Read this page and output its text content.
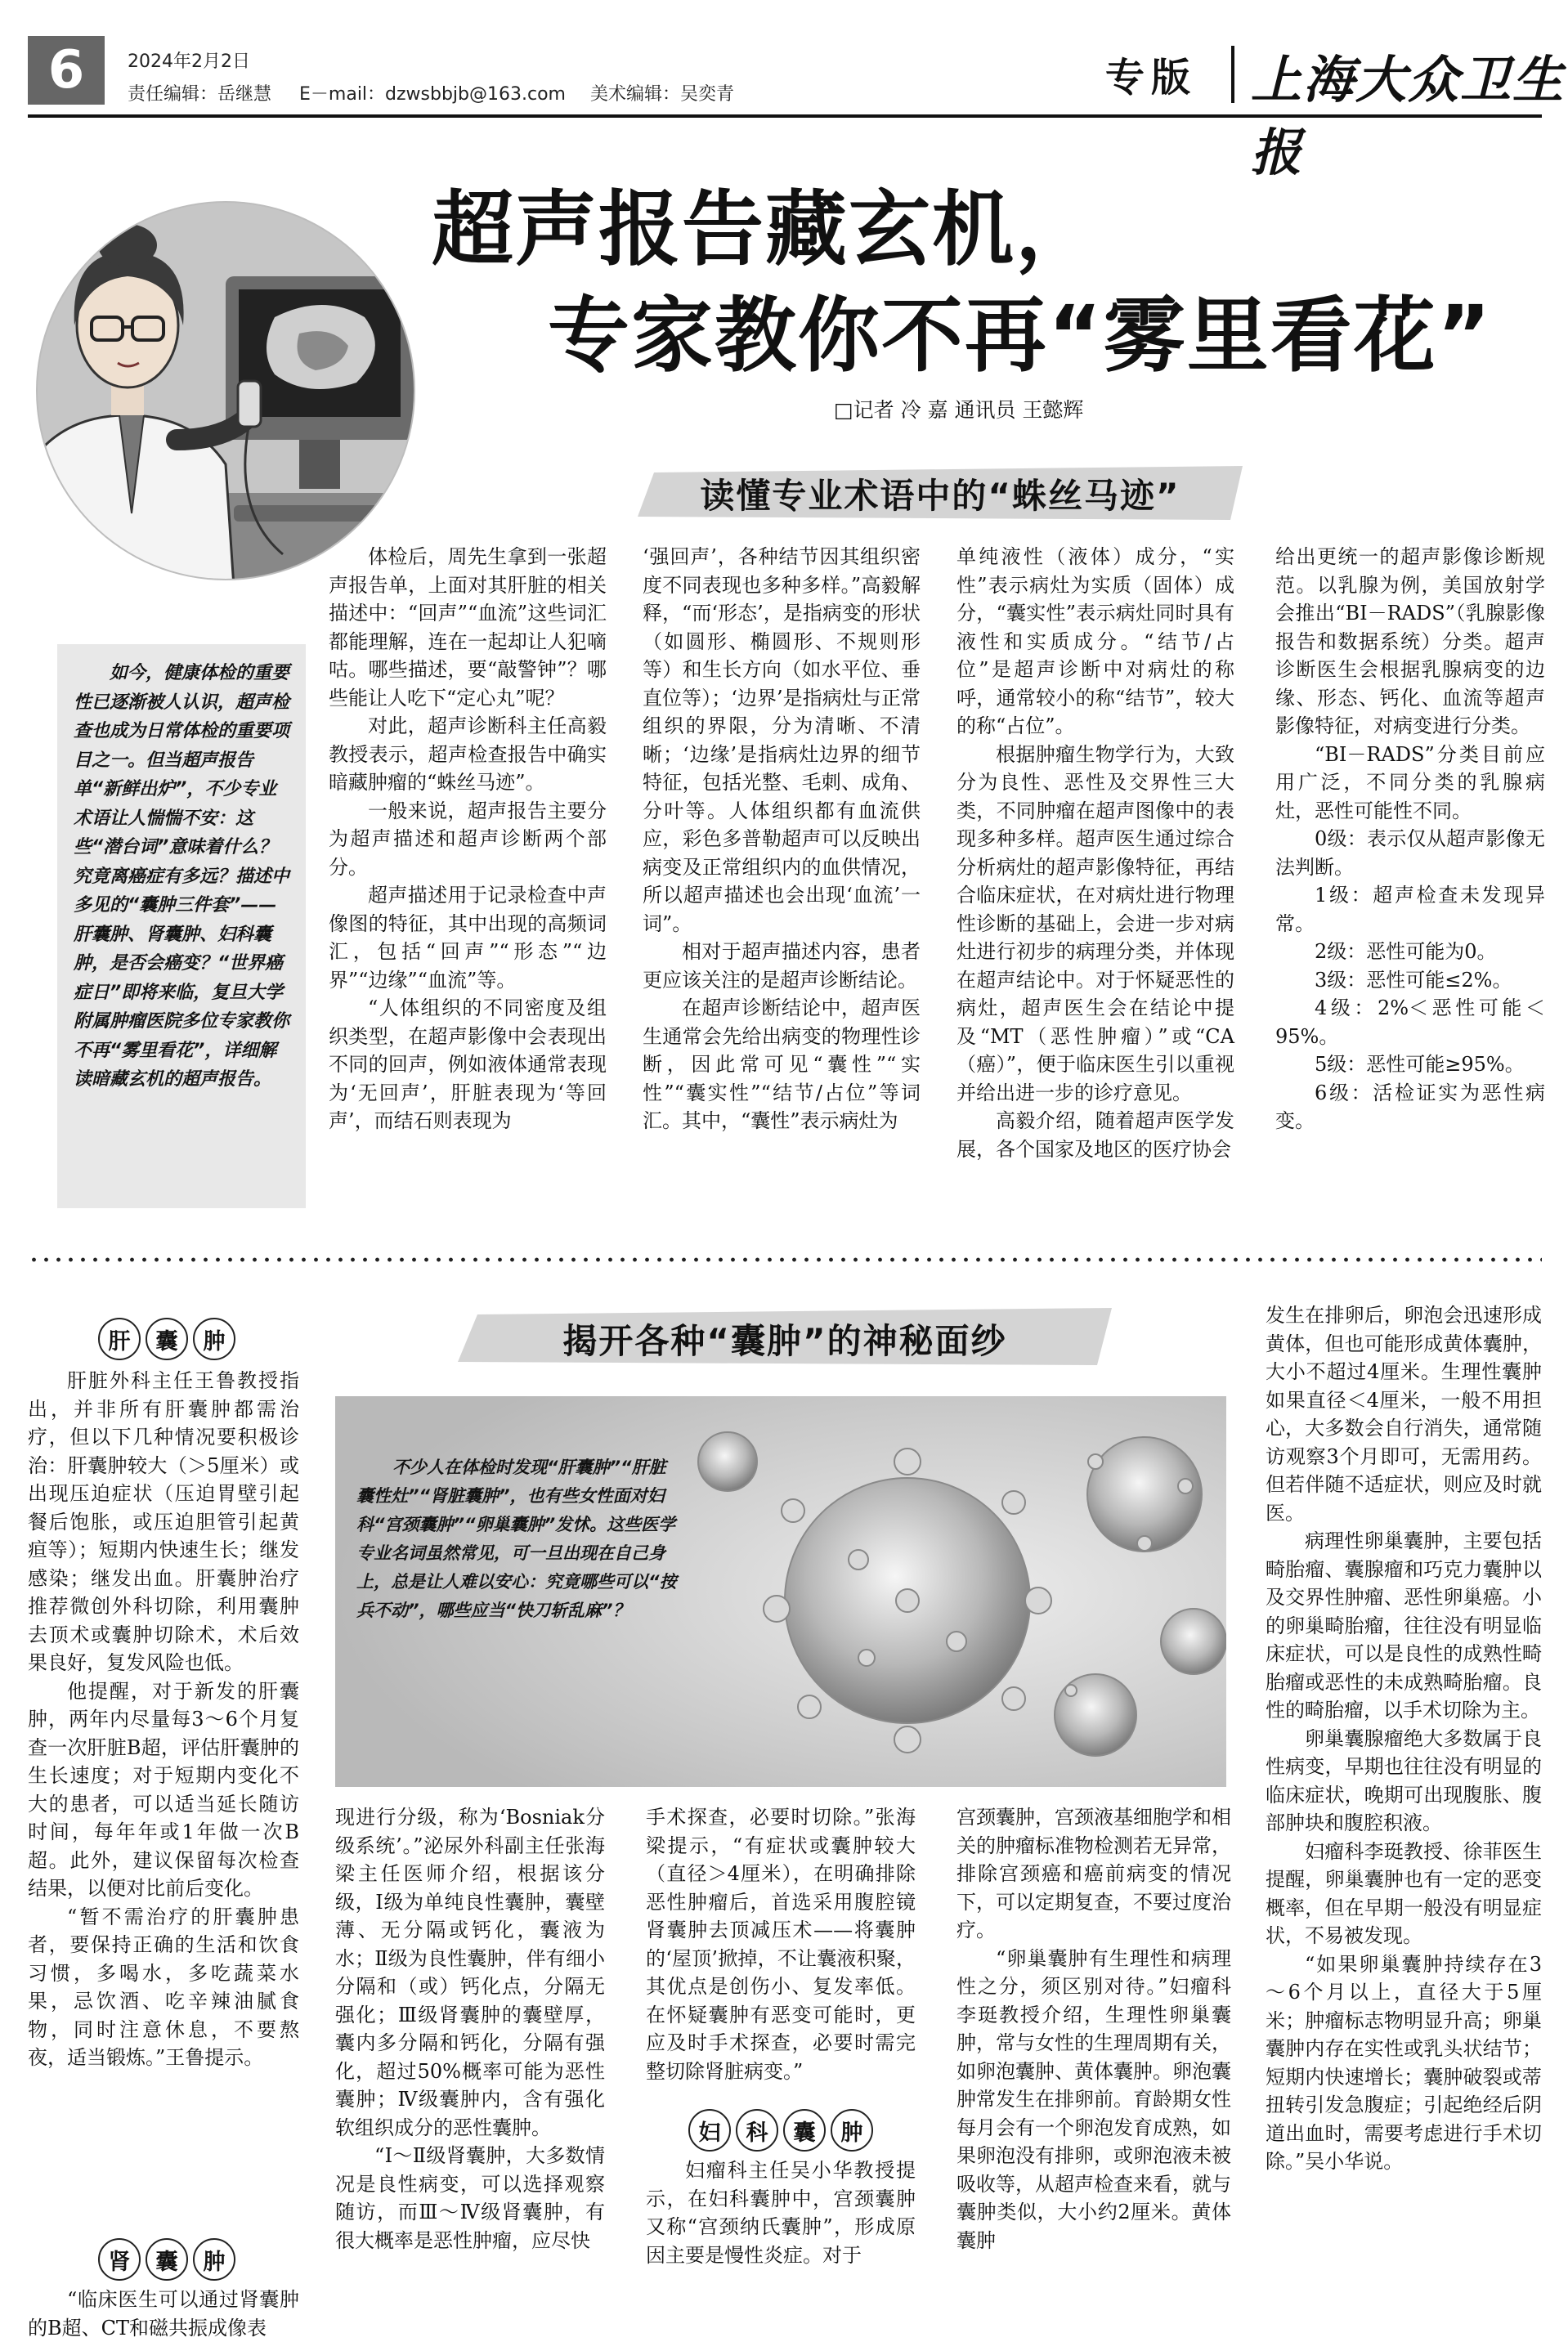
6	2024年2月2日
责任编辑：岳继慧 E－mail：dzwsbbjb@163.com 美术编辑：吴奕青	专版 上海大众卫生报
超声报告藏玄机，
专家教你不再“雾里看花”
□记者 冷 嘉 通讯员 王懿辉
如今，健康体检的重要性已逐渐被人认识，超声检查也成为日常体检的重要项目之一。但当超声报告单“新鲜出炉”，不少专业术语让人惴惴不安：这些“潜台词”意味着什么？究竟离癌症有多远？描述中多见的“囊肿三件套”——肝囊肿、肾囊肿、妇科囊肿，是否会癌变？“世界癌症日”即将来临，复旦大学附属肿瘤医院多位专家教你不再“雾里看花”，详细解读暗藏玄机的超声报告。
读懂专业术语中的“蛛丝马迹”

体检后，周先生拿到一张超声报告单，上面对其肝脏的相关描述中：“回声”“血流”这些词汇都能理解，连在一起却让人犯嘀咕。哪些描述，要“敲警钟”？哪些能让人吃下“定心丸”呢？

对此，超声诊断科主任高毅教授表示，超声检查报告中确实暗藏肿瘤的“蛛丝马迹”。

一般来说，超声报告主要分为超声描述和超声诊断两个部分。

超声描述用于记录检查中声像图的特征，其中出现的高频词汇，包括“回声”“形态”“边界”“边缘”“血流”等。

“人体组织的不同密度及组织类型，在超声影像中会表现出不同的回声，例如液体通常表现为‘无回声’，肝脏表现为‘等回声’，而结石则表现为

‘强回声’，各种结节因其组织密度不同表现也多种多样。”高毅解释，“而‘形态’，是指病变的形状（如圆形、椭圆形、不规则形等）和生长方向（如水平位、垂直位等）；‘边界’是指病灶与正常组织的界限，分为清晰、不清晰；‘边缘’是指病灶边界的细节特征，包括光整、毛刺、成角、分叶等。人体组织都有血流供应，彩色多普勒超声可以反映出病变及正常组织内的血供情况，所以超声描述也会出现‘血流’一词”。

相对于超声描述内容，患者更应该关注的是超声诊断结论。

在超声诊断结论中，超声医生通常会先给出病变的物理性诊断，因此常可见“囊性”“实性”“囊实性”“结节/占位”等词汇。其中，“囊性”表示病灶为

单纯液性（液体）成分，“实性”表示病灶为实质（固体）成分，“囊实性”表示病灶同时具有液性和实质成分。“结节/占位”是超声诊断中对病灶的称呼，通常较小的称“结节”，较大的称“占位”。

根据肿瘤生物学行为，大致分为良性、恶性及交界性三大类，不同肿瘤在超声图像中的表现多种多样。超声医生通过综合分析病灶的超声影像特征，再结合临床症状，在对病灶进行物理性诊断的基础上，会进一步对病灶进行初步的病理分类，并体现在超声结论中。对于怀疑恶性的病灶，超声医生会在结论中提及“MT（恶性肿瘤）”或“CA（癌）”，便于临床医生引以重视并给出进一步的诊疗意见。

高毅介绍，随着超声医学发展，各个国家及地区的医疗协会

给出更统一的超声影像诊断规范。以乳腺为例，美国放射学会推出“BI－RADS”（乳腺影像报告和数据系统）分类。超声诊断医生会根据乳腺病变的边缘、形态、钙化、血流等超声影像特征，对病变进行分类。

“BI－RADS”分类目前应用广泛，不同分类的乳腺病灶，恶性可能性不同。

0级：表示仅从超声影像无法判断。

1级：超声检查未发现异常。

2级：恶性可能为0。

3级：恶性可能≤2%。

4级：2%＜恶性可能＜95%。

5级：恶性可能≥95%。

6级：活检证实为恶性病变。

揭开各种“囊肿”的神秘面纱
不少人在体检时发现“肝囊肿”“肝脏囊性灶”“肾脏囊肿”，也有些女性面对妇科“宫颈囊肿”“卵巢囊肿”发怵。这些医学专业名词虽然常见，可一旦出现在自己身上，总是让人难以安心：究竟哪些可以“按兵不动”，哪些应当“快刀斩乱麻”？
肝	囊	肿

肝脏外科主任王鲁教授指出，并非所有肝囊肿都需治疗，但以下几种情况要积极诊治：肝囊肿较大（＞5厘米）或出现压迫症状（压迫胃壁引起餐后饱胀，或压迫胆管引起黄疸等）；短期内快速生长；继发感染；继发出血。肝囊肿治疗推荐微创外科切除，利用囊肿去顶术或囊肿切除术，术后效果良好，复发风险也低。

他提醒，对于新发的肝囊肿，两年内尽量每3～6个月复查一次肝脏B超，评估肝囊肿的生长速度；对于短期内变化不大的患者，可以适当延长随访时间，每年年或1年做一次B超。此外，建议保留每次检查结果，以便对比前后变化。

“暂不需治疗的肝囊肿患者，要保持正确的生活和饮食习惯，多喝水，多吃蔬菜水果，忌饮酒、吃辛辣油腻食物，同时注意休息，不要熬夜，适当锻炼。”王鲁提示。

肾	囊	肿

“临床医生可以通过肾囊肿的B超、CT和磁共振成像表

现进行分级，称为‘Bosniak分级系统’。”泌尿外科副主任张海梁主任医师介绍，根据该分级，Ⅰ级为单纯良性囊肿，囊壁薄、无分隔或钙化，囊液为水；Ⅱ级为良性囊肿，伴有细小分隔和（或）钙化点，分隔无强化；Ⅲ级肾囊肿的囊壁厚，囊内多分隔和钙化，分隔有强化，超过50%概率可能为恶性囊肿；Ⅳ级囊肿内，含有强化软组织成分的恶性囊肿。

“Ⅰ～Ⅱ级肾囊肿，大多数情况是良性病变，可以选择观察随访，而Ⅲ～Ⅳ级肾囊肿，有很大概率是恶性肿瘤，应尽快

手术探查，必要时切除。”张海梁提示，“有症状或囊肿较大（直径＞4厘米），在明确排除恶性肿瘤后，首选采用腹腔镜肾囊肿去顶减压术——将囊肿的‘屋顶’掀掉，不让囊液积聚，其优点是创伤小、复发率低。在怀疑囊肿有恶变可能时，更应及时手术探查，必要时需完整切除肾脏病变。”

妇	科	囊	肿

妇瘤科主任吴小华教授提示，在妇科囊肿中，宫颈囊肿又称“宫颈纳氏囊肿”，形成原因主要是慢性炎症。对于

宫颈囊肿，宫颈液基细胞学和相关的肿瘤标准物检测若无异常，排除宫颈癌和癌前病变的情况下，可以定期复查，不要过度治疗。

“卵巢囊肿有生理性和病理性之分，须区别对待。”妇瘤科李珽教授介绍，生理性卵巢囊肿，常与女性的生理周期有关，如卵泡囊肿、黄体囊肿。卵泡囊肿常发生在排卵前。育龄期女性每月会有一个卵泡发育成熟，如果卵泡没有排卵，或卵泡液未被吸收等，从超声检查来看，就与囊肿类似，大小约2厘米。黄体囊肿

发生在排卵后，卵泡会迅速形成黄体，但也可能形成黄体囊肿，大小不超过4厘米。生理性囊肿如果直径＜4厘米，一般不用担心，大多数会自行消失，通常随访观察3个月即可，无需用药。但若伴随不适症状，则应及时就医。

病理性卵巢囊肿，主要包括畸胎瘤、囊腺瘤和巧克力囊肿以及交界性肿瘤、恶性卵巢癌。小的卵巢畸胎瘤，往往没有明显临床症状，可以是良性的成熟性畸胎瘤或恶性的未成熟畸胎瘤。良性的畸胎瘤，以手术切除为主。

卵巢囊腺瘤绝大多数属于良性病变，早期也往往没有明显的临床症状，晚期可出现腹胀、腹部肿块和腹腔积液。

妇瘤科李珽教授、徐菲医生提醒，卵巢囊肿也有一定的恶变概率，但在早期一般没有明显症状，不易被发现。

“如果卵巢囊肿持续存在3～6个月以上，直径大于5厘米；肿瘤标志物明显升高；卵巢囊肿内存在实性或乳头状结节；短期内快速增长；囊肿破裂或蒂扭转引发急腹症；引起绝经后阴道出血时，需要考虑进行手术切除。”吴小华说。
